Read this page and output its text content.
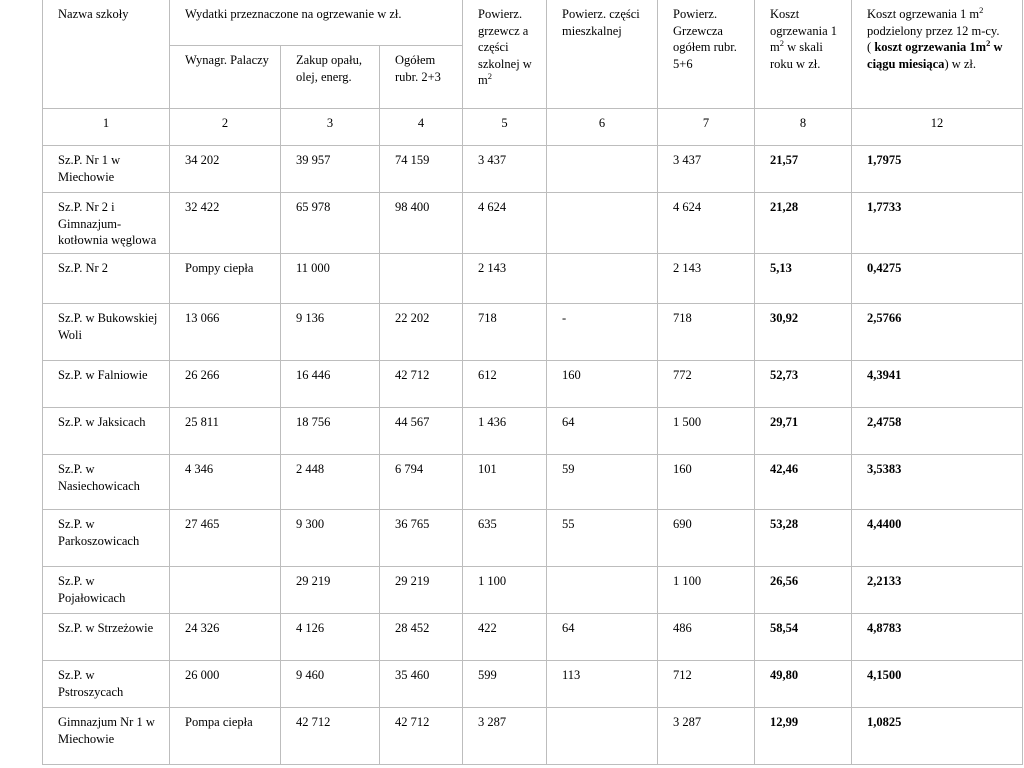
Nazwa szkoły	Wydatki przeznaczone na ogrzewanie w zł.			Powierz. grzewcz a części szkolnej w $m^2$	Powierz. części mieszkalnej	Powierz. Grzewcza ogółem rubr. 5+6	Koszt ogrzewania 1 $m^2$ w skali roku w zł.	Koszt ogrzewania 1 $m^2$ podzielony przez 12 m-cy. ( koszt ogrzewania $1m^2$ w ciągu miesiąca) w zł.
	Wynagr. Palaczy	Zakup opału, olej, energ.	Ogółem rubr. 2+3					
1	2	3	4	5	6	7	8	12
Sz.P. Nr 1 w Miechowie	34 202	39 957	74 159	3 437		3 437	21,57	1,7975
Sz.P. Nr 2 i Gimnazjum- kotłownia węglowa	32 422	65 978	98 400	4 624		4 624	21,28	1,7733
Sz.P. Nr 2	Pompy ciepła	11 000		2 143		2 143	5,13	0,4275
Sz.P. w Bukowskiej Woli	13 066	9 136	22 202	718	-	718	30,92	2,5766
Sz.P. w Falniowie	26 266	16 446	42 712	612	160	772	52,73	4,3941
Sz.P. w Jaksicach	25 811	18 756	44 567	1 436	64	1 500	29,71	2,4758
Sz.P. w Nasiechowicach	4 346	2 448	6 794	101	59	160	42,46	3,5383
Sz.P. w Parkoszowicach	27 465	9 300	36 765	635	55	690	53,28	4,4400
Sz.P. w Pojałowicach		29 219	29 219	1 100		1 100	26,56	2,2133
Sz.P. w Strzeżowie	24 326	4 126	28 452	422	64	486	58,54	4,8783
Sz.P. w Pstroszycach	26 000	9 460	35 460	599	113	712	49,80	4,1500
Gimnazjum Nr 1 w Miechowie	Pompa ciepła	42 712	42 712	3 287		3 287	12,99	1,0825
